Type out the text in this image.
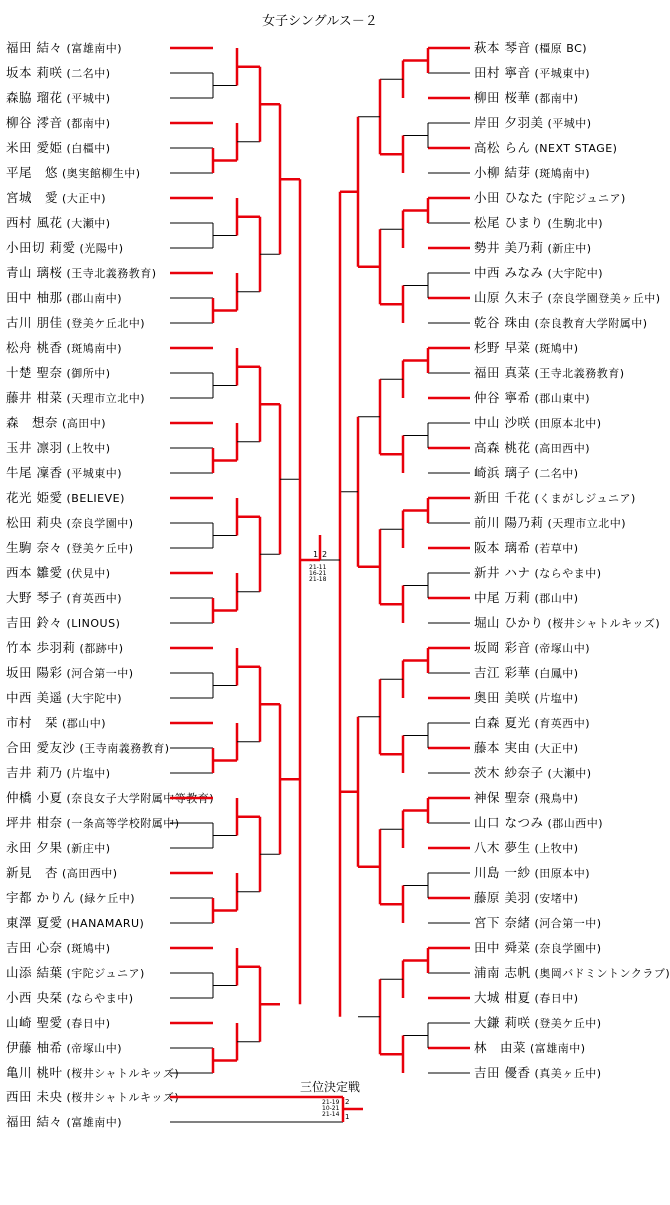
女子シングルス－２
三位決定戦
福田 結々 (富雄南中)
坂本 莉咲 (二名中)
森脇 瑠花 (平城中)
柳谷 澪音 (都南中)
米田 愛姫 (白橿中)
平尾　悠 (奥実館柳生中)
宮城　愛 (大正中)
西村 風花 (大瀬中)
小田切 莉愛 (光陽中)
青山 璃桜 (王寺北義務教育)
田中 柚那 (郡山南中)
古川 朋佳 (登美ケ丘北中)
松舟 桃香 (斑鳩南中)
十楚 聖奈 (御所中)
藤井 柑菜 (天理市立北中)
森　想奈 (高田中)
玉井 凛羽 (上牧中)
牛尾 凜香 (平城東中)
花光 姫愛 (BELIEVE)
松田 莉央 (奈良学園中)
生駒 奈々 (登美ケ丘中)
西本 雛愛 (伏見中)
大野 琴子 (育英西中)
吉田 鈴々 (LINOUS)
竹本 歩羽莉 (都跡中)
坂田 陽彩 (河合第一中)
中西 美遥 (大宇陀中)
市村　栞 (郡山中)
合田 愛友沙 (王寺南義務教育)
吉井 莉乃 (片塩中)
仲橋 小夏 (奈良女子大学附属中等教育)
坪井 柑奈 (一条高等学校附属中)
永田 夕果 (新庄中)
新見　杏 (高田西中)
宇都 かりん (緑ケ丘中)
東澤 夏愛 (HANAMARU)
吉田 心奈 (斑鳩中)
山添 結葉 (宇陀ジュニア)
小西 央栞 (ならやま中)
山崎 聖愛 (春日中)
伊藤 柚希 (帝塚山中)
亀川 桃叶 (桜井シャトルキッズ)
萩本 琴音 (橿原 BC)
田村 寧音 (平城東中)
柳田 桜華 (都南中)
岸田 夕羽美 (平城中)
高松 らん (NEXT STAGE)
小柳 結芽 (斑鳩南中)
小田 ひなた (宇陀ジュニア)
松尾 ひまり (生駒北中)
勢井 美乃莉 (新庄中)
中西 みなみ (大宇陀中)
山原 久末子 (奈良学園登美ヶ丘中)
乾谷 珠由 (奈良教育大学附属中)
杉野 早菜 (斑鳩中)
福田 真菜 (王寺北義務教育)
仲谷 寧希 (郡山東中)
中山 沙咲 (田原本北中)
高森 桃花 (高田西中)
崎浜 璃子 (二名中)
新田 千花 (くまがしジュニア)
前川 陽乃莉 (天理市立北中)
阪本 璃希 (若草中)
新井 ハナ (ならやま中)
中尾 万莉 (郡山中)
堀山 ひかり (桜井シャトルキッズ)
坂岡 彩音 (帝塚山中)
吉江 彩華 (白鳳中)
奥田 美咲 (片塩中)
白森 夏光 (育英西中)
藤本 実由 (大正中)
茨木 紗奈子 (大瀬中)
神保 聖奈 (飛鳥中)
山口 なつみ (郡山西中)
八木 夢生 (上牧中)
川島 一紗 (田原本中)
藤原 美羽 (安堵中)
宮下 奈緒 (河合第一中)
田中 舜菜 (奈良学園中)
浦南 志帆 (奥岡バドミントンクラブ)
大城 柑夏 (春日中)
大鎌 莉咲 (登美ケ丘中)
林　由菜 (富雄南中)
吉田 優香 (真美ヶ丘中)
西田 未央 (桜井シャトルキッズ)
福田 結々 (富雄南中)
21-11
16-21
21-18
1 2
21-19
10-21
21-14
2
1
